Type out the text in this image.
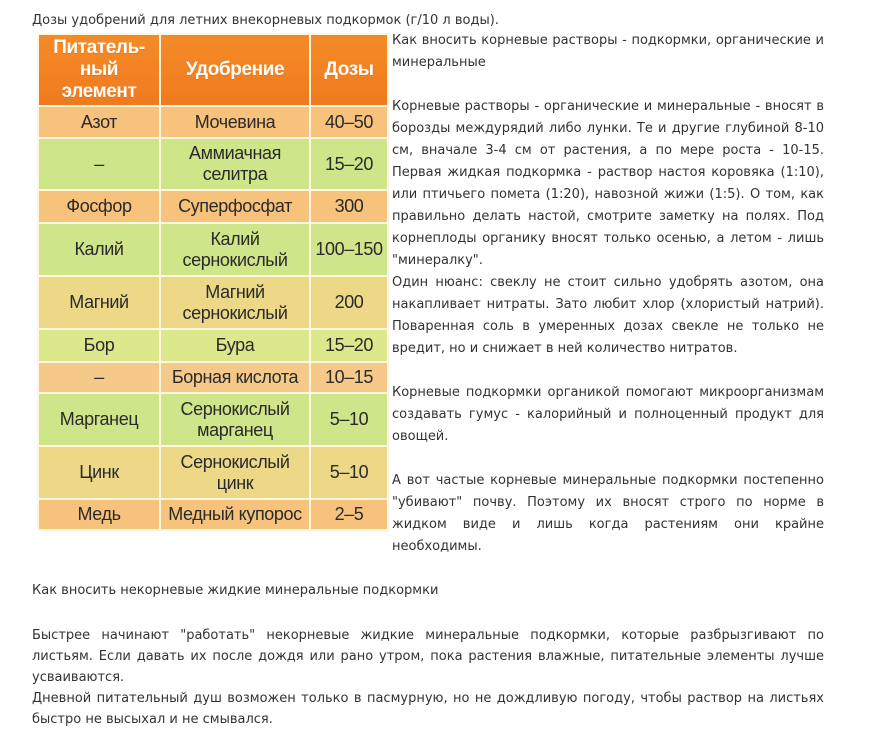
Дозы удобрений для летних внекорневых подкормок (г/10 л воды).
Питатель-ный элемент	Удобрение	Дозы
Азот	Мочевина	40–50
–	Аммиачная селитра	15–20
Фосфор	Суперфосфат	300
Калий	Калий сернокислый	100–150
Магний	Магний сернокислый	200
Бор	Бура	15–20
–	Борная кислота	10–15
Марганец	Сернокислый марганец	5–10
Цинк	Сернокислый цинк	5–10
Медь	Медный купорос	2–5

Как вносить корневые растворы - подкормки, органические и минеральные

Корневые растворы - органические и минеральные - вносят в борозды междурядий либо лунки. Те и другие глубиной 8-10 см, вначале 3-4 см от растения, а по мере роста - 10-15. Первая жидкая подкормка - раствор настоя коровяка (1:10), или птичьего помета (1:20), навозной жижи (1:5). О том, как правильно делать настой, смотрите заметку на полях. Под корнеплоды органику вносят только осенью, а летом - лишь "минералку".

Один нюанс: свеклу не стоит сильно удобрять азотом, она накапливает нитраты. Зато любит хлор (хлористый натрий). Поваренная соль в умеренных дозах свекле не только не вредит, но и снижает в ней количество нитратов.

Корневые подкормки органикой помогают микроорганизмам создавать гумус - калорийный и полноценный продукт для овощей.

А вот частые корневые минеральные подкормки постепенно "убивают" почву. Поэтому их вносят строго по норме в жидком виде и лишь когда растениям они крайне необходимы.

Как вносить некорневые жидкие минеральные подкормки

Быстрее начинают "работать" некорневые жидкие минеральные подкормки, которые разбрызгивают по листьям. Если давать их после дождя или рано утром, пока растения влажные, питательные элементы лучше усваиваются.

Дневной питательный душ возможен только в пасмурную, но не дождливую погоду, чтобы раствор на листьях быстро не высыхал и не смывался.
